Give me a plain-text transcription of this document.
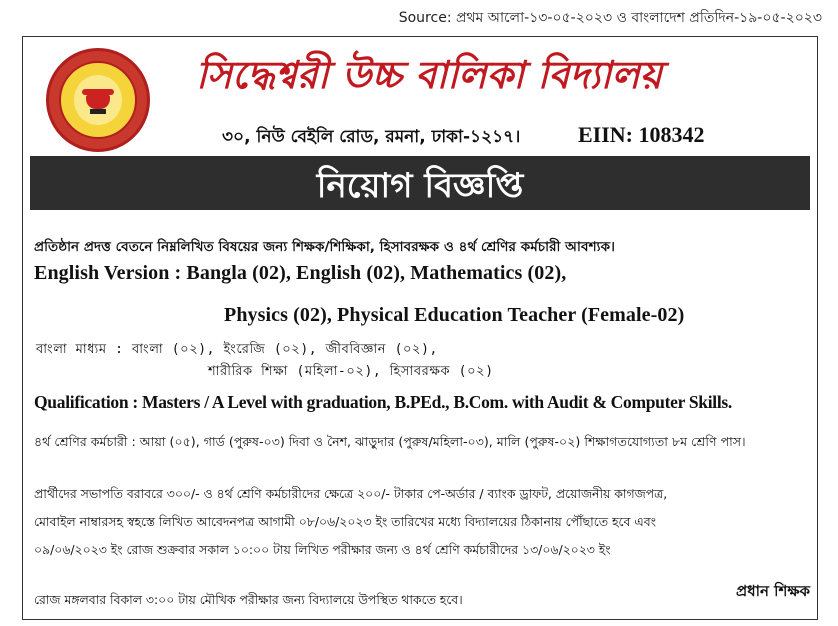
Source: প্রথম আলো-১৩-০৫-২০২৩ ও বাংলাদেশ প্রতিদিন-১৯-০৫-২০২৩
সিদ্ধেশ্বরী উচ্চ বালিকা বিদ্যালয়
৩০, নিউ বেইলি রোড, রমনা, ঢাকা-১২১৭।	EIIN: 108342
নিয়োগ বিজ্ঞপ্তি
প্রতিষ্ঠান প্রদত্ত বেতনে নিম্নলিখিত বিষয়ের জন্য শিক্ষক/শিক্ষিকা, হিসাবরক্ষক ও ৪র্থ শ্রেণির কর্মচারী আবশ্যক।
English Version : Bangla (02), English (02), Mathematics (02),
Physics (02), Physical Education Teacher (Female-02)
বাংলা মাধ্যম : বাংলা (০২), ইংরেজি (০২), জীববিজ্ঞান (০২),
শারীরিক শিক্ষা (মহিলা-০২), হিসাবরক্ষক (০২)
Qualification : Masters / A Level with graduation, B.PEd., B.Com. with Audit & Computer Skills.
৪র্থ শ্রেণির কর্মচারী : আয়া (০৫), গার্ড (পুরুষ-০৩) দিবা ও নৈশ, ঝাড়ুদার (পুরুষ/মহিলা-০৩), মালি (পুরুষ-০২) শিক্ষাগতযোগ্যতা ৮ম শ্রেণি পাস।
প্রার্থীদের সভাপতি বরাবরে ৩০০/- ও ৪র্থ শ্রেণি কর্মচারীদের ক্ষেত্রে ২০০/- টাকার পে-অর্ডার / ব্যাংক ড্রাফট, প্রয়োজনীয় কাগজপত্র,
মোবাইল নাম্বারসহ স্বহস্তে লিখিত আবেদনপত্র আগামী ০৮/০৬/২০২৩ ইং তারিখের মধ্যে বিদ্যালয়ের ঠিকানায় পৌঁছাতে হবে এবং
০৯/০৬/২০২৩ ইং রোজ শুক্রবার সকাল ১০:০০ টায় লিখিত পরীক্ষার জন্য ও ৪র্থ শ্রেণি কর্মচারীদের ১৩/০৬/২০২৩ ইং
রোজ মঙ্গলবার বিকাল ৩:০০ টায় মৌখিক পরীক্ষার জন্য বিদ্যালয়ে উপস্থিত থাকতে হবে।	প্রধান শিক্ষক
